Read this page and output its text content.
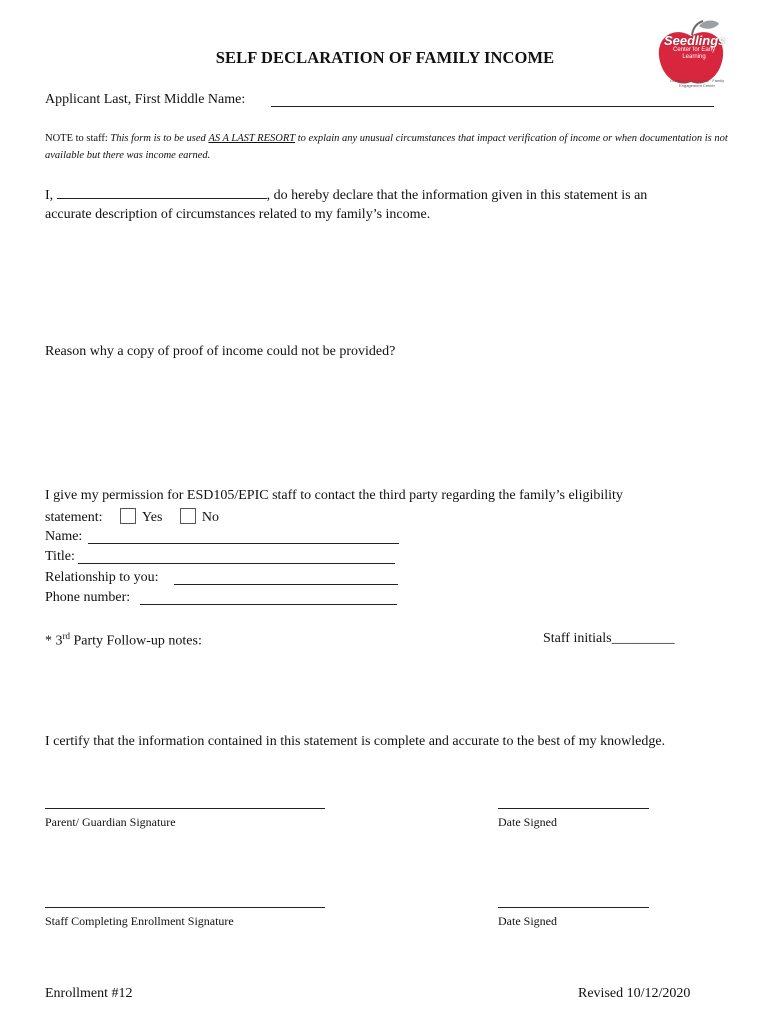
Seedlings
Center for Early Learning
Growing Young Minds · Family Engagement Center
SELF DECLARATION OF FAMILY INCOME
Applicant Last, First Middle Name:
NOTE to staff: This form is to be used AS A LAST RESORT to explain any unusual circumstances that impact verification of income or when documentation is not
available but there was income earned.
I,	, do hereby declare that the information given in this statement is an
accurate description of circumstances related to my family’s income.
Reason why a copy of proof of income could not be provided?
I give my permission for ESD105/EPIC staff to contact the third party regarding the family’s eligibility
statement:	Yes	No
Name:
Title:
Relationship to you:
Phone number:
* 3rd Party Follow-up notes:	Staff initials_________
I certify that the information contained in this statement is complete and accurate to the best of my knowledge.
Parent/ Guardian Signature	Date Signed
Staff Completing Enrollment Signature	Date Signed
Enrollment #12	Revised 10/12/2020
